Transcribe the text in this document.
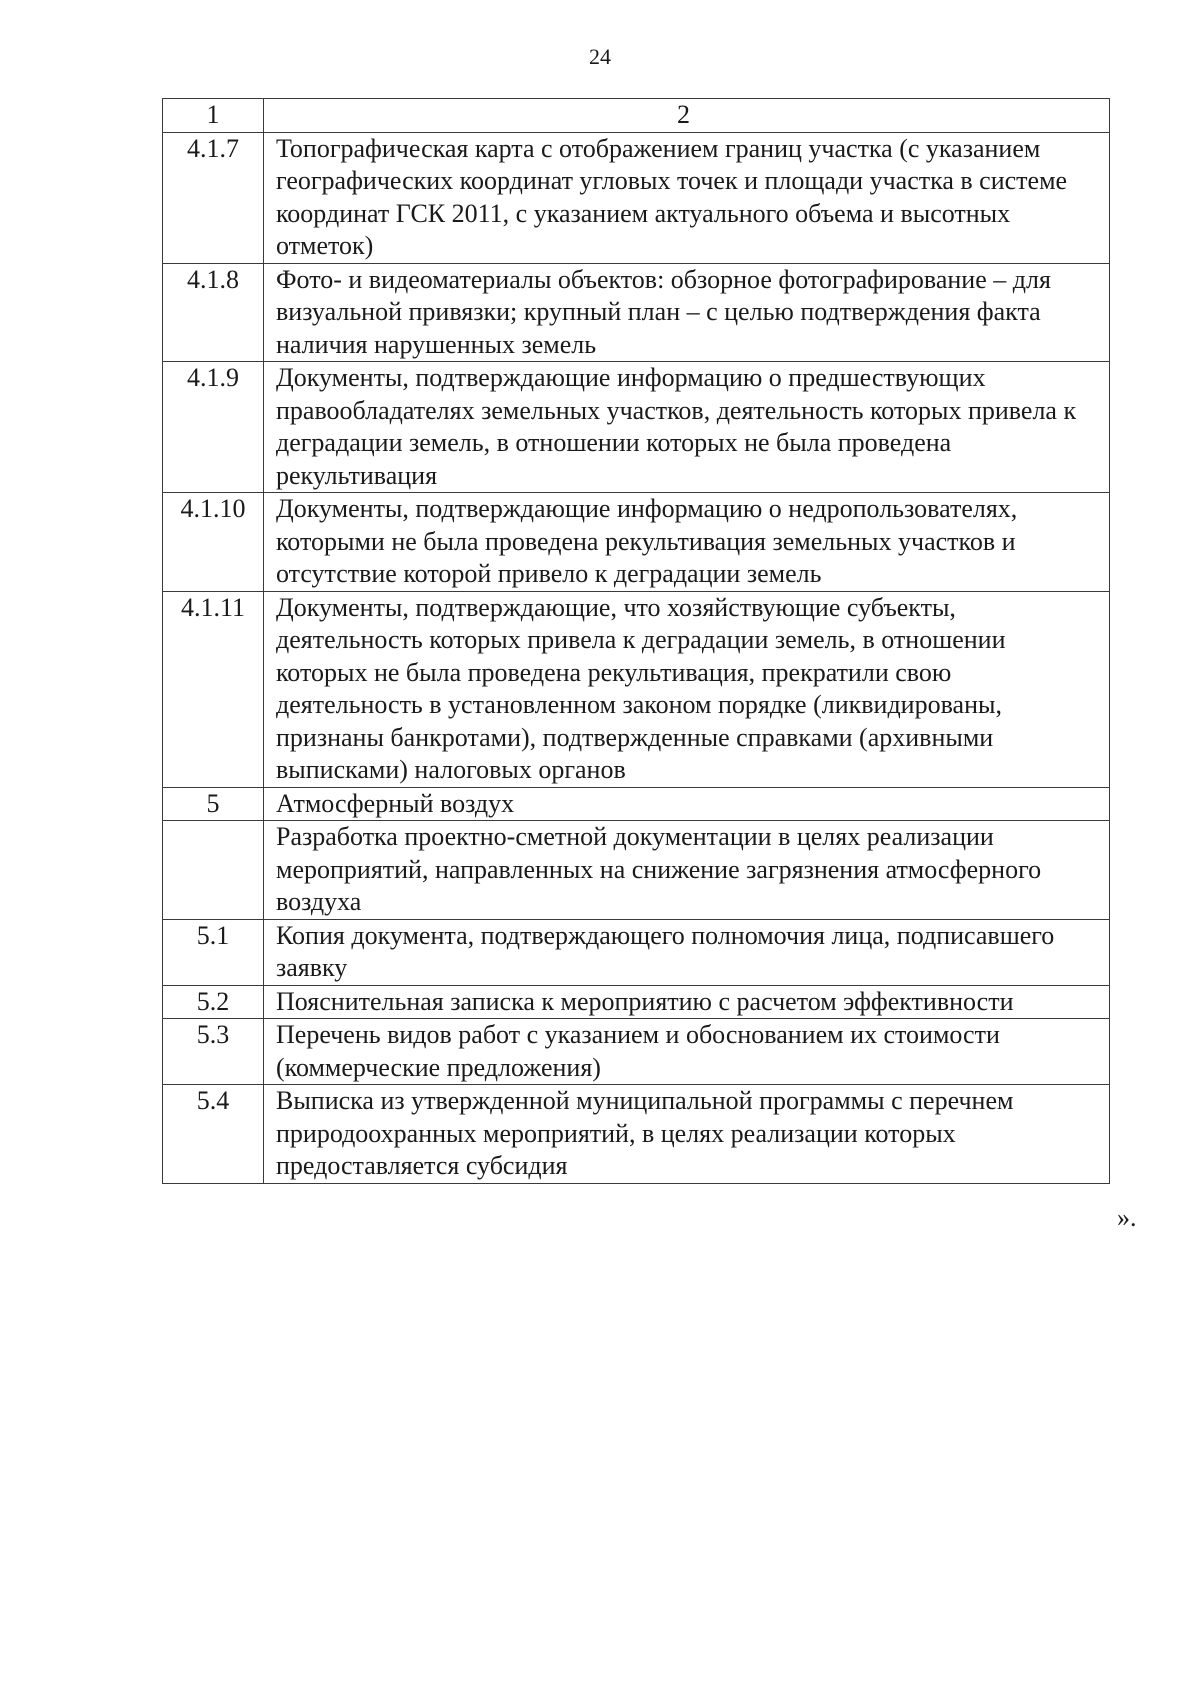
24
1	2
4.1.7	Топографическая карта с отображением границ участка (с указанием географических координат угловых точек и площади участка в системе координат ГСК 2011, с указанием актуального объема и высотных отметок)
4.1.8	Фото- и видеоматериалы объектов: обзорное фотографирование – для визуальной привязки; крупный план – с целью подтверждения факта наличия нарушенных земель
4.1.9	Документы, подтверждающие информацию о предшествующих правообладателях земельных участков, деятельность которых привела к деградации земель, в отношении которых не была проведена рекультивация
4.1.10	Документы, подтверждающие информацию о недропользователях, которыми не была проведена рекультивация земельных участков и отсутствие которой привело к деградации земель
4.1.11	Документы, подтверждающие, что хозяйствующие субъекты, деятельность которых привела к деградации земель, в отношении которых не была проведена рекультивация, прекратили свою деятельность в установленном законом порядке (ликвидированы, признаны банкротами), подтвержденные справками (архивными выписками) налоговых органов
5	Атмосферный воздух
	Разработка проектно-сметной документации в целях реализации мероприятий, направленных на снижение загрязнения атмосферного воздуха
5.1	Копия документа, подтверждающего полномочия лица, подписавшего заявку
5.2	Пояснительная записка к мероприятию с расчетом эффективности
5.3	Перечень видов работ с указанием и обоснованием их стоимости (коммерческие предложения)
5.4	Выписка из утвержденной муниципальной программы с перечнем природоохранных мероприятий, в целях реализации которых предоставляется субсидия
».
